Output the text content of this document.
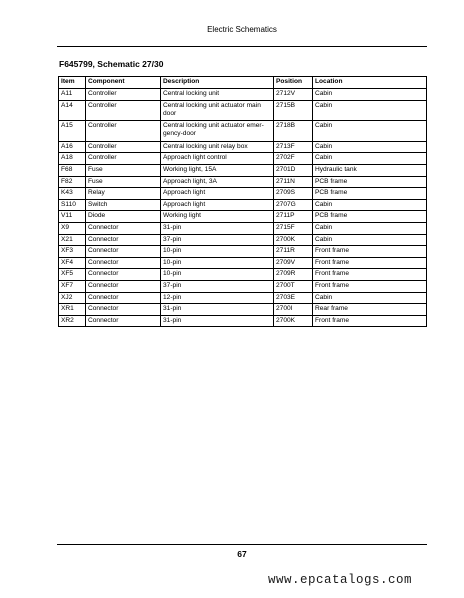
Electric Schematics
F645799, Schematic 27/30
Item	Component	Description	Position	Location
A11	Controller	Central locking unit	2712V	Cabin
A14	Controller	Central locking unit actuator main door	2715B	Cabin
A15	Controller	Central locking unit actuator emer-gency-door	2718B	Cabin
A16	Controller	Central locking unit relay box	2713F	Cabin
A18	Controller	Approach light control	2702F	Cabin
F68	Fuse	Working light, 15A	2701D	Hydraulic tank
F82	Fuse	Approach light, 3A	2711N	PCB frame
K43	Relay	Approach light	2709S	PCB frame
S110	Switch	Approach light	2707G	Cabin
V11	Diode	Working light	2711P	PCB frame
X9	Connector	31-pin	2715F	Cabin
X21	Connector	37-pin	2700K	Cabin
XF3	Connector	10-pin	2711R	Front frame
XF4	Connector	10-pin	2709V	Front frame
XF5	Connector	10-pin	2709R	Front frame
XF7	Connector	37-pin	2700T	Front frame
XJ2	Connector	12-pin	2703E	Cabin
XR1	Connector	31-pin	2700I	Rear frame
XR2	Connector	31-pin	2700K	Front frame
67
www.epcatalogs.com
